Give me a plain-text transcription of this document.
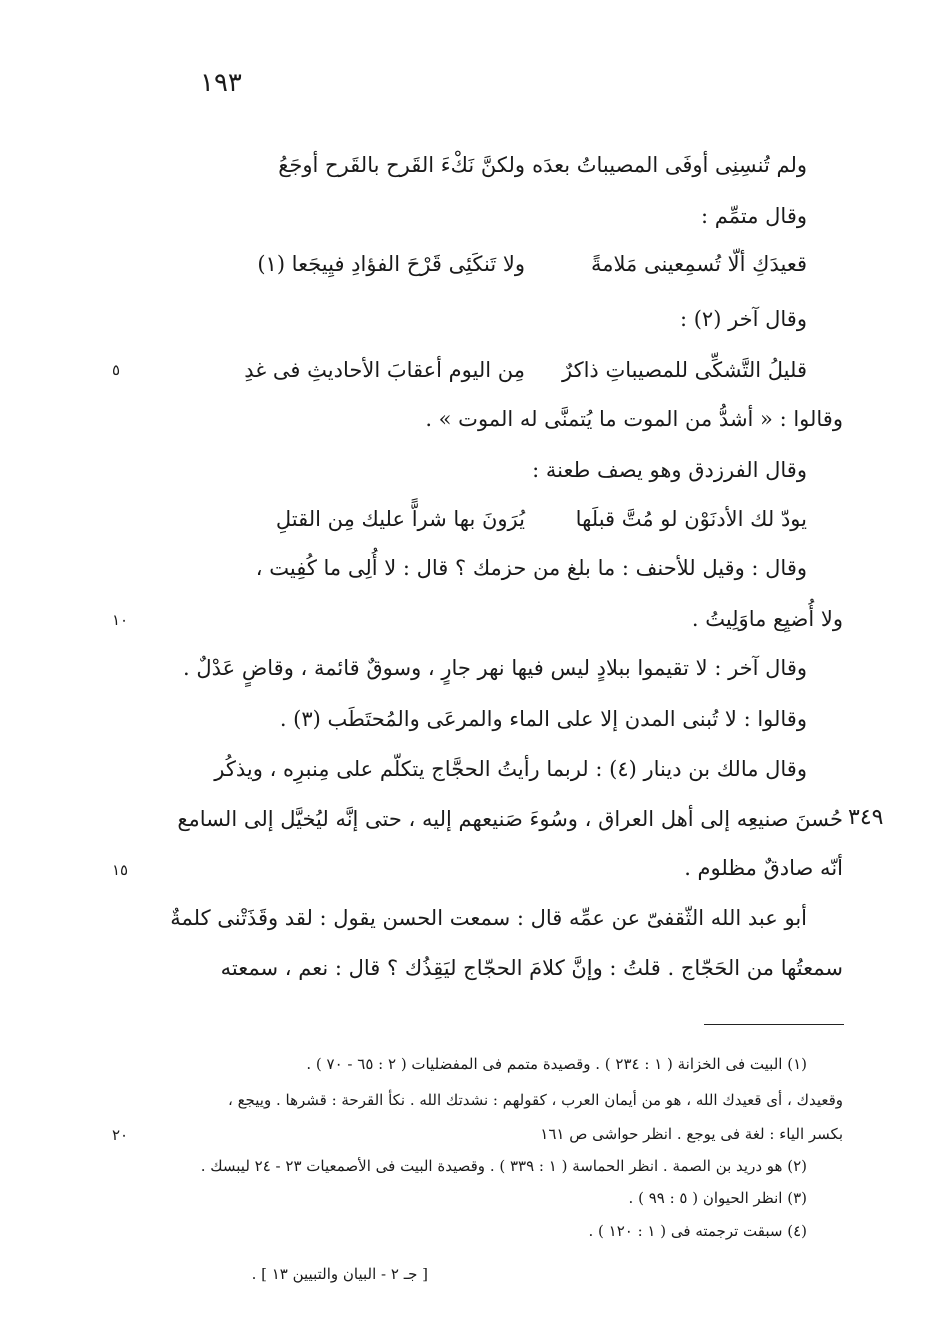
١٩٣
ولم تُنسِنِى أوفَى المصيباتُ بعدَه
ولكنَّ نَكْءَ القَرح بالقَرح أوجَعُ
وقال متمِّم :
قعيدَكِ ألّا تُسمِعينى مَلامةً
ولا تَنكَئِى قَرْحَ الفؤادِ فيِيجَعا (١)
وقال آخر (٢) :
قليلُ التَّشكِّى للمصيباتِ ذاكرٌ
مِن اليوم أعقابَ الأحاديثِ فى غدِ
٥
وقالوا : « أشدُّ من الموت ما يُتمنَّى له الموت » .
وقال الفرزدق وهو يصف طعنة :
يودّ لك الأدنَوْن لو مُتَّ قبلَها
يُرَونَ بها شراًّ عليك مِن القتلِ
وقال : وقيل للأحنف : ما بلغ من حزمك ؟ قال : لا أُلِى ما كُفِيت ،
ولا أُضيِع ماوَلِيتُ .
١٠
وقال آخر : لا تقيموا ببلادٍ ليس فيها نهر جارٍ ، وسوقٌ قائمة ، وقاضٍ عَدْلٌ .
وقالوا : لا تُبنى المدن إلا على الماء والمرعَى والمُحتَطَب (٣) .
وقال مالك بن دينار (٤) : لربما رأيتُ الحجَّاج يتكلّم على مِنبرِه ، ويذكُر
حُسنَ صنيعِه إلى أهل العراق ، وسُوءَ صَنيعهم إليه ، حتى إنَّه ليُخيَّل إلى السامع ٣٤٩
أنّه صادقٌ مظلوم .
١٥
أبو عبد الله الثّقفىّ عن عمِّه قال : سمعت الحسن يقول : لقد وقَذَتْنى كلمةٌ
سمعتُها من الحَجّاج . قلتُ : وإنَّ كلامَ الحجّاج ليَقِذُك ؟ قال : نعم ، سمعته
(١) البيت فى الخزانة ( ١ : ٢٣٤ ) . وقصيدة متمم فى المفضليات ( ٢ : ٦٥ - ٧٠ ) .
وقعيدك ، أى قعيدك الله ، هو من أيمان العرب ، كقولهم : نشدتك الله . نكأ القرحة : قشرها . وييجع ،
بكسر الياء : لغة فى يوجع . انظر حواشى ص ١٦١
٢٠
(٢) هو دريد بن الصمة . انظر الحماسة ( ١ : ٣٣٩ ) . وقصيدة البيت فى الأصمعيات ٢٣ - ٢٤ ليبسك .
(٣) انظر الحيوان ( ٥ : ٩٩ ) .
(٤) سبقت ترجمته فى ( ١ : ١٢٠ ) .
[ جـ ٢ - البيان والتبيين ١٣ ] .
